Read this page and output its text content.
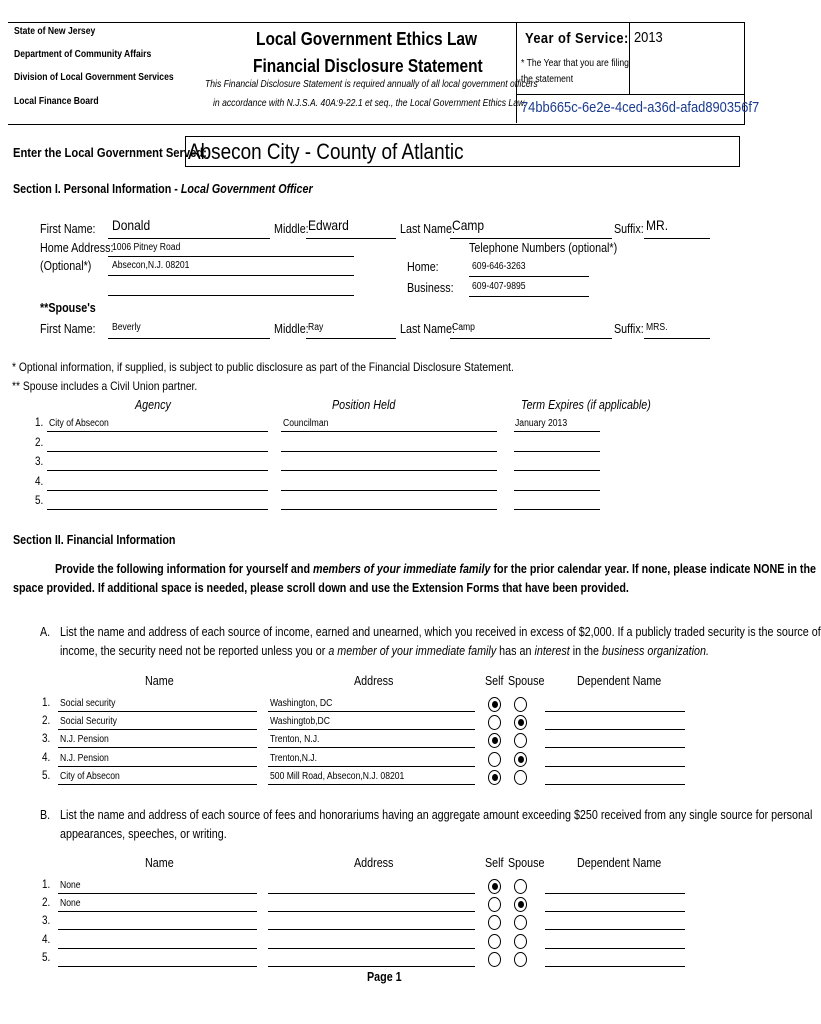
State of New Jersey
Department of Community Affairs
Division of Local Government Services
Local Finance Board
Local Government Ethics Law
Financial Disclosure Statement
This Financial Disclosure Statement is required annually of all local government officers
in accordance with N.J.S.A. 40A:9-22.1 et seq., the Local Government Ethics Law.
Year of Service: 2013
* The Year that you are filing
the statement
74bb665c-6e2e-4ced-a36d-afad890356f7
Enter the Local Government Served:
Absecon City - County of Atlantic
Section I. Personal Information - Local Government Officer
First Name: Donald	Middle: Edward	Last Name:
Camp	Suffix: MR.
Home Address:
1006 Pitney Road
(Optional*) Absecon,N.J. 08201
Telephone Numbers (optional*)
Home:	609-646-3263
Business: 609-407-9895
**Spouse's
First Name: Beverly	Middle: Ray	Last Name:
Camp	Suffix: MRS.
* Optional information, if supplied, is subject to public disclosure as part of the Financial Disclosure Statement.
** Spouse includes a Civil Union partner.
Agency	Position Held	Term Expires (if applicable)
1. City of Absecon	Councilman	January 2013
2.
3.
4.
5.
Section II. Financial Information
Provide the following information for yourself and members of your immediate family for the prior calendar year. If none, please indicate NONE in the
space provided. If additional space is needed, please scroll down and use the Extension Forms that have been provided.
A. List the name and address of each source of income, earned and unearned, which you received in excess of $2,000. If a publicly traded security is the source of
income, the security need not be reported unless you or a member of your immediate family has an interest in the business organization.
Name	Address	Self Spouse	Dependent Name
1. Social security	Washington, DC
2. Social Security	Washingtob,DC
3. N.J. Pension	Trenton, N.J.
4. N.J. Pension	Trenton,N.J.
5. City of Absecon	500 Mill Road, Absecon,N.J. 08201
B. List the name and address of each source of fees and honorariums having an aggregate amount exceeding $250 received from any single source for personal
appearances, speeches, or writing.
Name	Address	Self Spouse	Dependent Name
1. None
2. None
3.
4.
5.
Page 1
